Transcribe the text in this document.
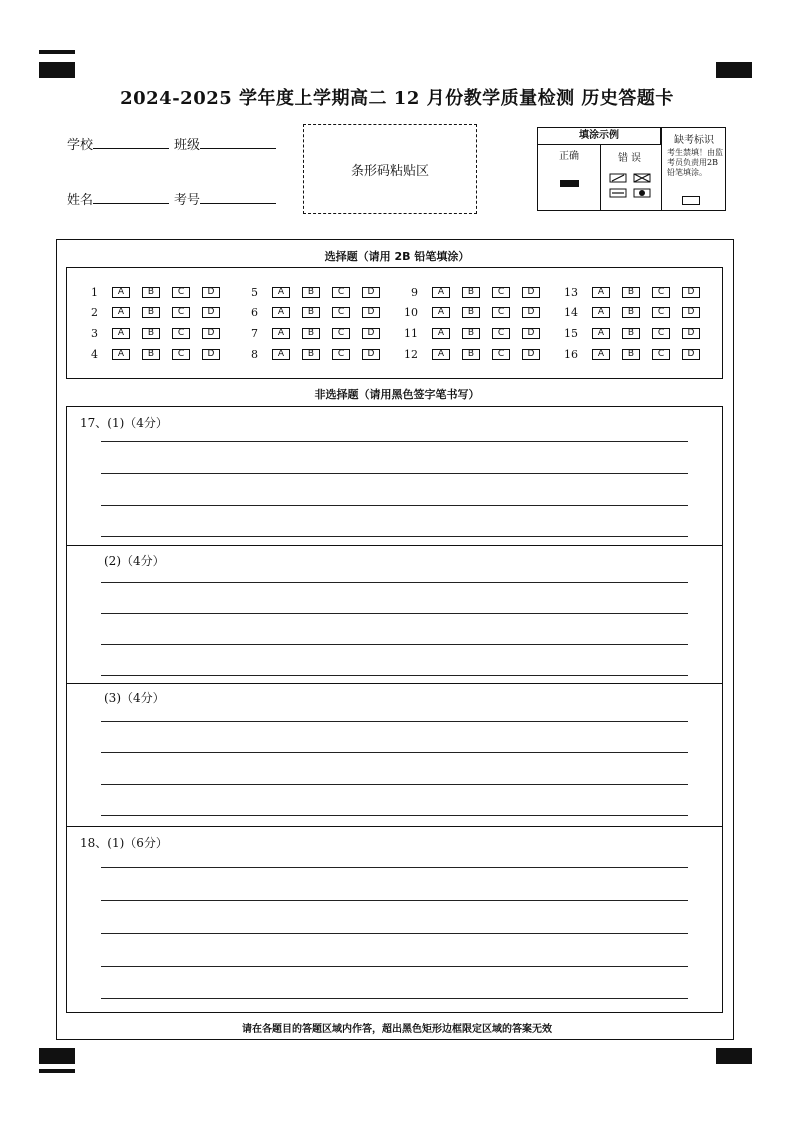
2024-2025 学年度上学期高二 12 月份教学质量检测 历史答题卡
学校	班级
姓名	考号
条形码粘贴区
填涂示例
正确	错误
缺考标识
考生禁填！由监考员负责用2B铅笔填涂。
选择题（请用 2B 铅笔填涂）
1	A	B	C	D
2	A	B	C	D
3	A	B	C	D
4	A	B	C	D
5	A	B	C	D
6	A	B	C	D
7	A	B	C	D
8	A	B	C	D
9	A	B	C	D
10	A	B	C	D
11	A	B	C	D
12	A	B	C	D
13	A	B	C	D
14	A	B	C	D
15	A	B	C	D
16	A	B	C	D
非选择题（请用黑色签字笔书写）
17、(1)（4分）
(2)（4分）
(3)（4分）
18、(1)（6分）
请在各题目的答题区域内作答，超出黑色矩形边框限定区域的答案无效
